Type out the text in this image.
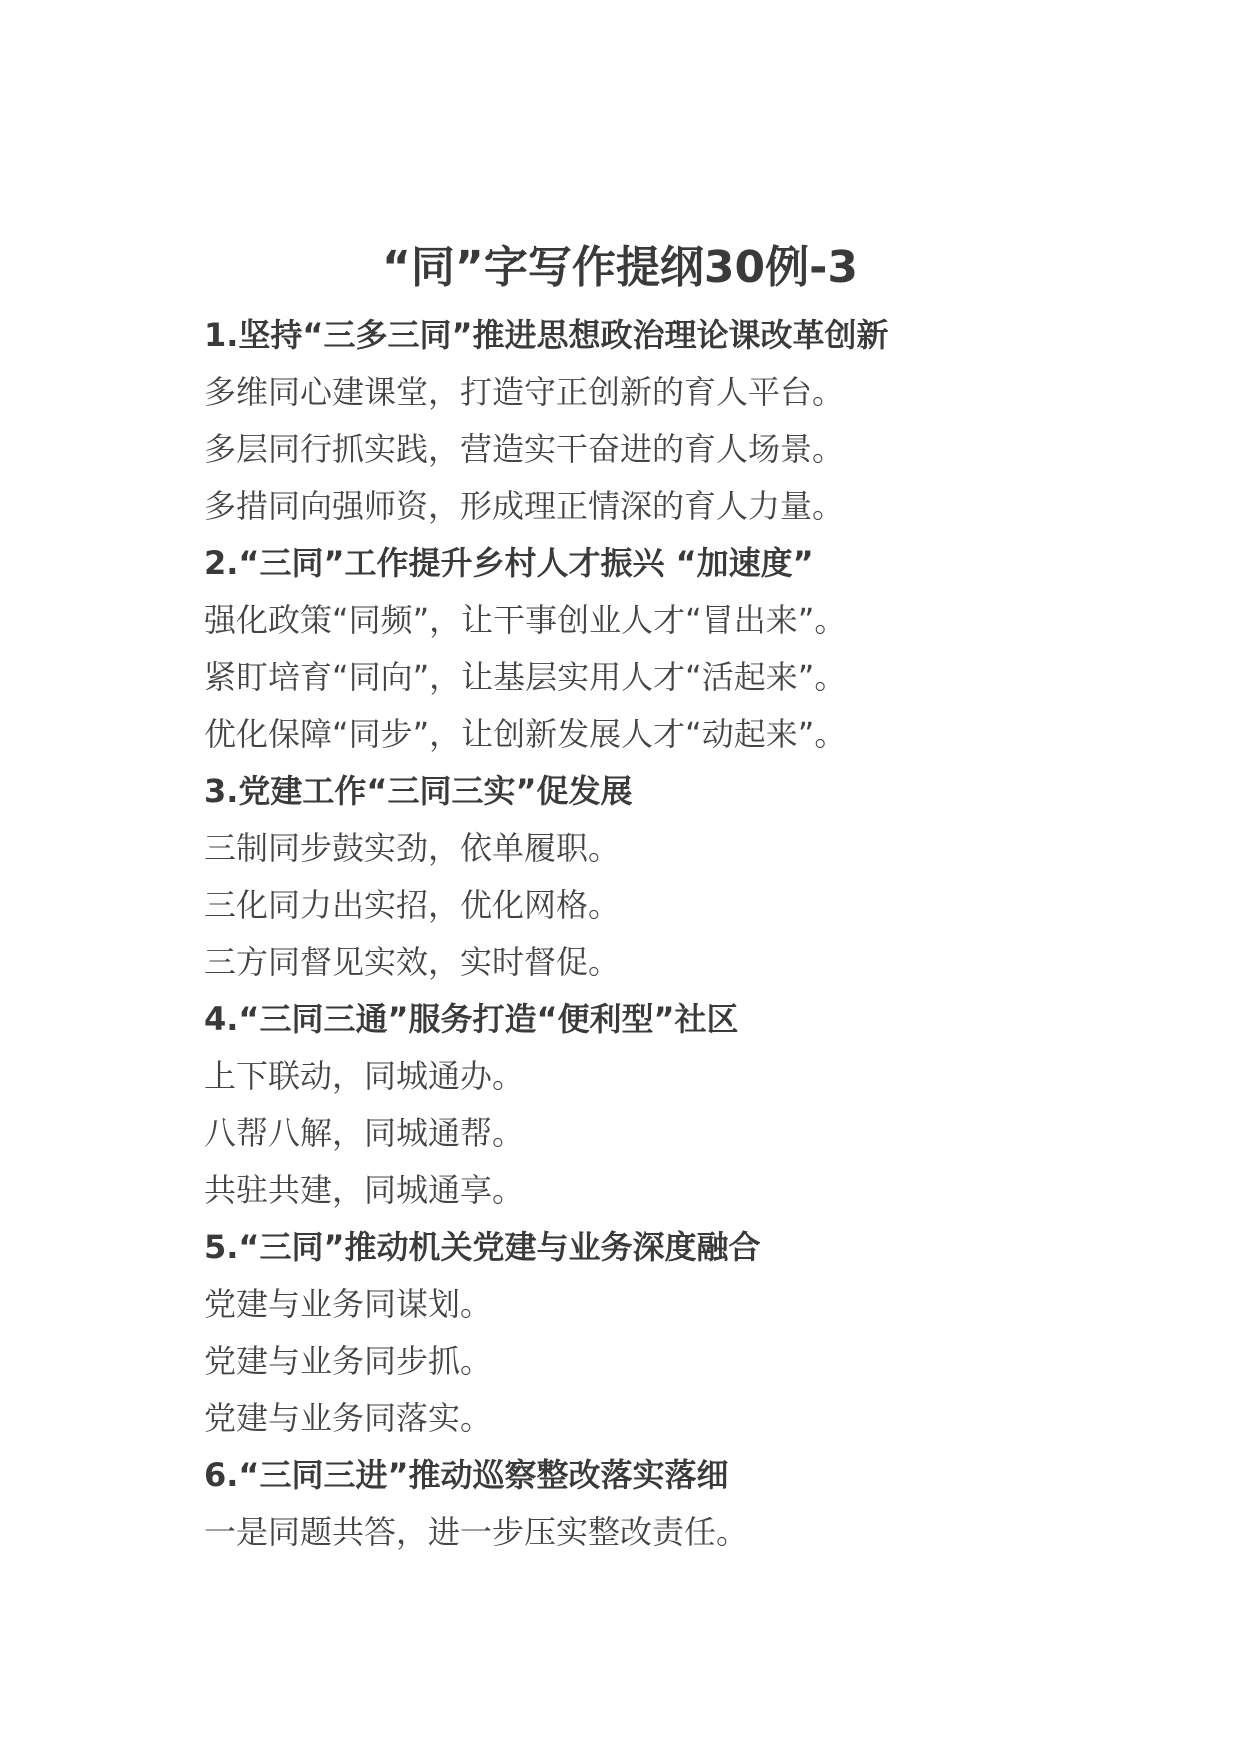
“同”字写作提纲30例-3

1.坚持“三多三同”推进思想政治理论课改革创新

多维同心建课堂，打造守正创新的育人平台。

多层同行抓实践，营造实干奋进的育人场景。

多措同向强师资，形成理正情深的育人力量。

2.“三同”工作提升乡村人才振兴 “加速度”

强化政策“同频”，让干事创业人才“冒出来”。

紧盯培育“同向”，让基层实用人才“活起来”。

优化保障“同步”，让创新发展人才“动起来”。

3.党建工作“三同三实”促发展

三制同步鼓实劲，依单履职。

三化同力出实招，优化网格。

三方同督见实效，实时督促。

4.“三同三通”服务打造“便利型”社区

上下联动，同城通办。

八帮八解，同城通帮。

共驻共建，同城通享。

5.“三同”推动机关党建与业务深度融合

党建与业务同谋划。

党建与业务同步抓。

党建与业务同落实。

6.“三同三进”推动巡察整改落实落细

一是同题共答，进一步压实整改责任。
